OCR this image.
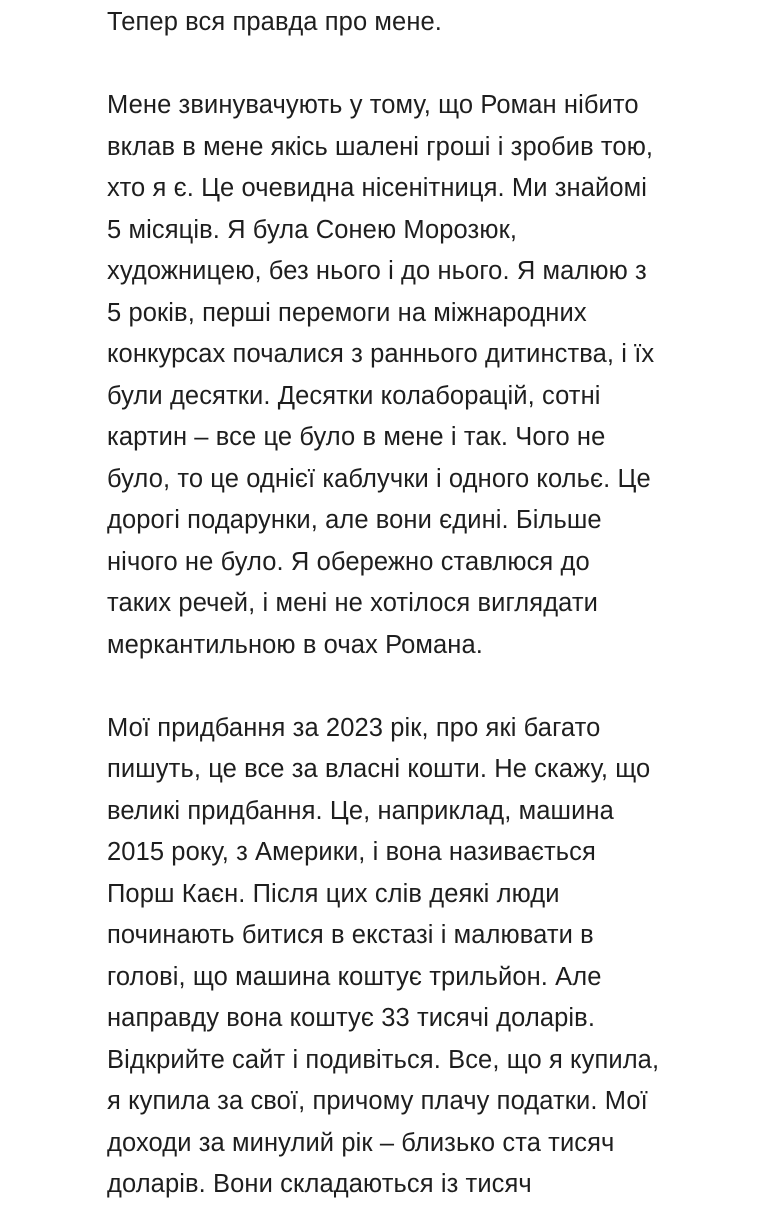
Тепер вся правда про мене.

Мене звинувачують у тому, що Роман нібито
вклав в мене якісь шалені гроші і зробив тою,
хто я є. Це очевидна нісенітниця. Ми знайомі
5 місяців. Я була Сонею Морозюк,
художницею, без нього і до нього. Я малюю з
5 років, перші перемоги на міжнародних
конкурсах почалися з раннього дитинства, і їх
були десятки. Десятки колаборацій, сотні
картин – все це було в мене і так. Чого не
було, то це однієї каблучки і одного кольє. Це
дорогі подарунки, але вони єдині. Більше
нічого не було. Я обережно ставлюся до
таких речей, і мені не хотілося виглядати
меркантильною в очах Романа.

Мої придбання за 2023 рік, про які багато
пишуть, це все за власні кошти. Не скажу, що
великі придбання. Це, наприклад, машина
2015 року, з Америки, і вона називається
Порш Каєн. Після цих слів деякі люди
починають битися в екстазі і малювати в
голові, що машина коштує трильйон. Але
направду вона коштує 33 тисячі доларів.
Відкрийте сайт і подивіться. Все, що я купила,
я купила за свої, причому плачу податки. Мої
доходи за минулий рік – близько ста тисяч
доларів. Вони складаються із тисяч
